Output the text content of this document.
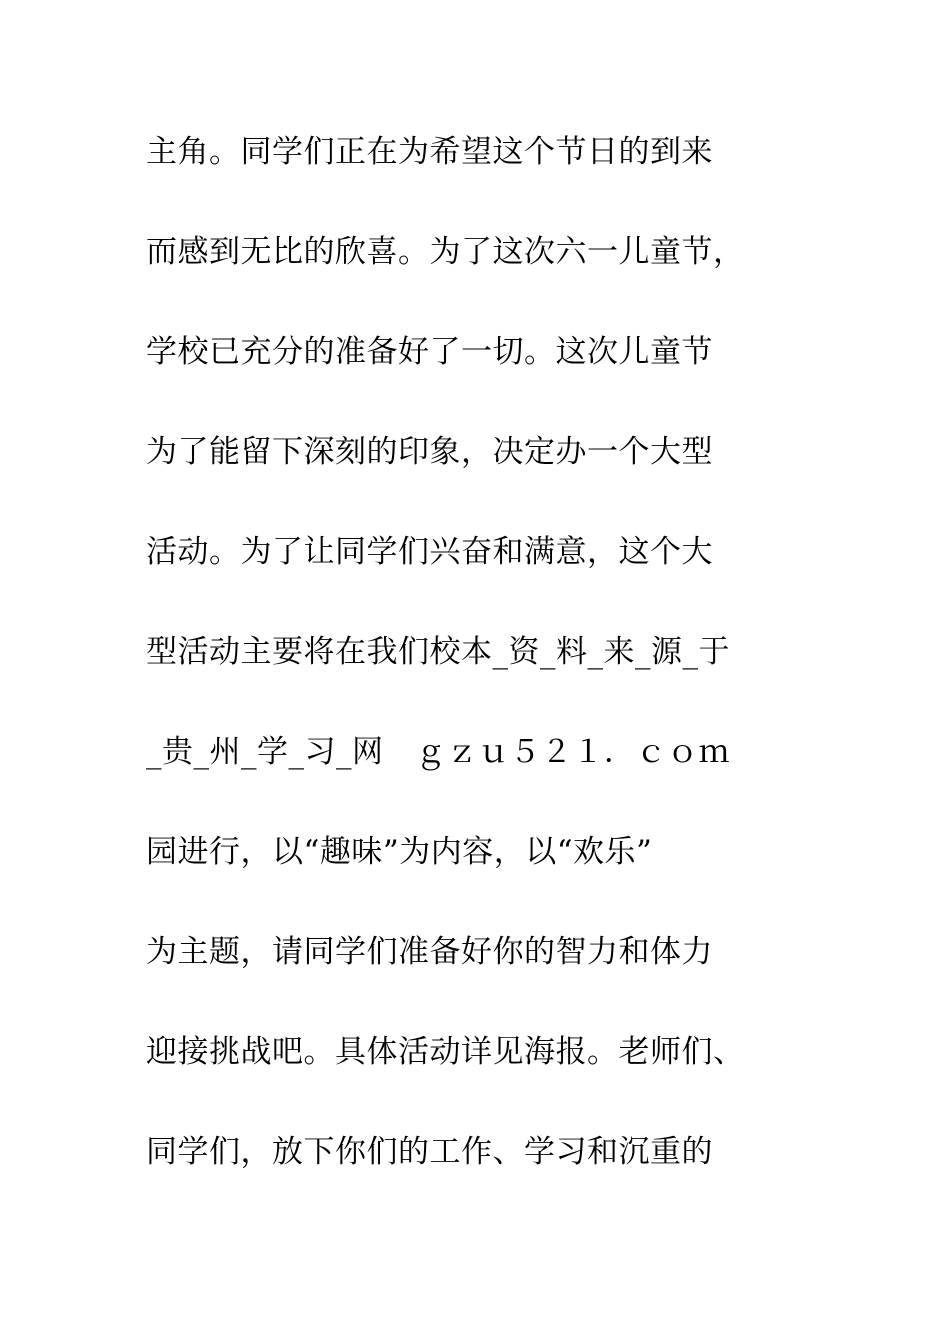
主角。同学们正在为希望这个节日的到来
而感到无比的欣喜。为了这次六一儿童节，
学校已充分的准备好了一切。这次儿童节
为了能留下深刻的印象，决定办一个大型
活动。为了让同学们兴奋和满意，这个大
型活动主要将在我们校本_资_料_来_源_于
_贵_州_学_习_网　ｇｚｕ５２１．ｃｏｍ
园进行，以“趣味”为内容，以“欢乐”
为主题，请同学们准备好你的智力和体力
迎接挑战吧。具体活动详见海报。老师们、
同学们，放下你们的工作、学习和沉重的
